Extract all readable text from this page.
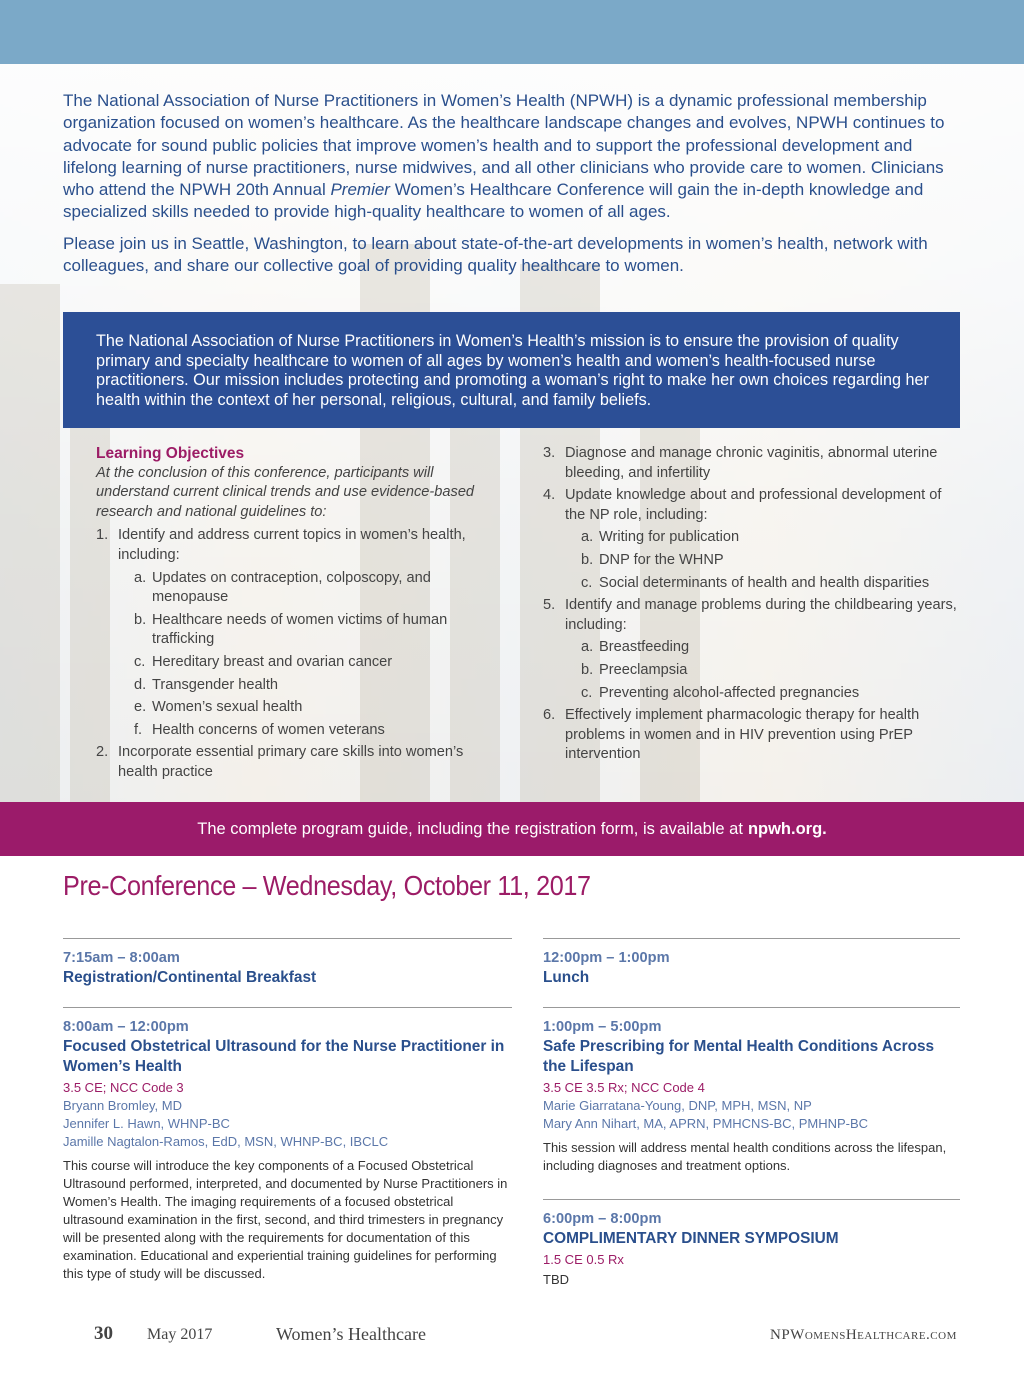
The National Association of Nurse Practitioners in Women’s Health (NPWH) is a dynamic professional membership organization focused on women’s healthcare. As the healthcare landscape changes and evolves, NPWH continues to advocate for sound public policies that improve women’s health and to support the professional development and lifelong learning of nurse practitioners, nurse midwives, and all other clinicians who provide care to women. Clinicians who attend the NPWH 20th Annual Premier Women’s Healthcare Conference will gain the in-depth knowledge and specialized skills needed to provide high-quality healthcare to women of all ages.

Please join us in Seattle, Washington, to learn about state-of-the-art developments in women’s health, network with colleagues, and share our collective goal of providing quality healthcare to women.

The National Association of Nurse Practitioners in Women’s Health’s mission is to ensure the provision of quality primary and specialty healthcare to women of all ages by women’s health and women’s health-focused nurse practitioners. Our mission includes protecting and promoting a woman’s right to make her own choices regarding her health within the context of her personal, religious, cultural, and family beliefs.
Learning Objectives
At the conclusion of this conference, participants will understand current clinical trends and use evidence-based research and national guidelines to:
1. Identify and address current topics in women’s health, including:
a. Updates on contraception, colposcopy, and menopause
b. Healthcare needs of women victims of human trafficking
c. Hereditary breast and ovarian cancer
d. Transgender health
e. Women’s sexual health
f. Health concerns of women veterans
2. Incorporate essential primary care skills into women’s health practice
3. Diagnose and manage chronic vaginitis, abnormal uterine bleeding, and infertility
4. Update knowledge about and professional development of the NP role, including:
a. Writing for publication
b. DNP for the WHNP
c. Social determinants of health and health disparities
5. Identify and manage problems during the childbearing years, including:
a. Breastfeeding
b. Preeclampsia
c. Preventing alcohol-affected pregnancies
6. Effectively implement pharmacologic therapy for health problems in women and in HIV prevention using PrEP intervention
The complete program guide, including the registration form, is available at npwh.org.
Pre-Conference – Wednesday, October 11, 2017
7:15am – 8:00am
Registration/Continental Breakfast
8:00am – 12:00pm
Focused Obstetrical Ultrasound for the Nurse Practitioner in Women’s Health
3.5 CE; NCC Code 3
Bryann Bromley, MD
Jennifer L. Hawn, WHNP-BC
Jamille Nagtalon-Ramos, EdD, MSN, WHNP-BC, IBCLC
This course will introduce the key components of a Focused Obstetrical Ultrasound performed, interpreted, and documented by Nurse Practitioners in Women’s Health. The imaging requirements of a focused obstetrical ultrasound examination in the first, second, and third trimesters in pregnancy will be presented along with the requirements for documentation of this examination. Educational and experiential training guidelines for performing this type of study will be discussed.
12:00pm – 1:00pm
Lunch
1:00pm – 5:00pm
Safe Prescribing for Mental Health Conditions Across the Lifespan
3.5 CE 3.5 Rx; NCC Code 4
Marie Giarratana-Young, DNP, MPH, MSN, NP
Mary Ann Nihart, MA, APRN, PMHCNS-BC, PMHNP-BC
This session will address mental health conditions across the lifespan, including diagnoses and treatment options.
6:00pm – 8:00pm
COMPLIMENTARY DINNER SYMPOSIUM
1.5 CE 0.5 Rx
TBD
30 May 2017	Women’s Healthcare	NPWomensHealthcare.com
